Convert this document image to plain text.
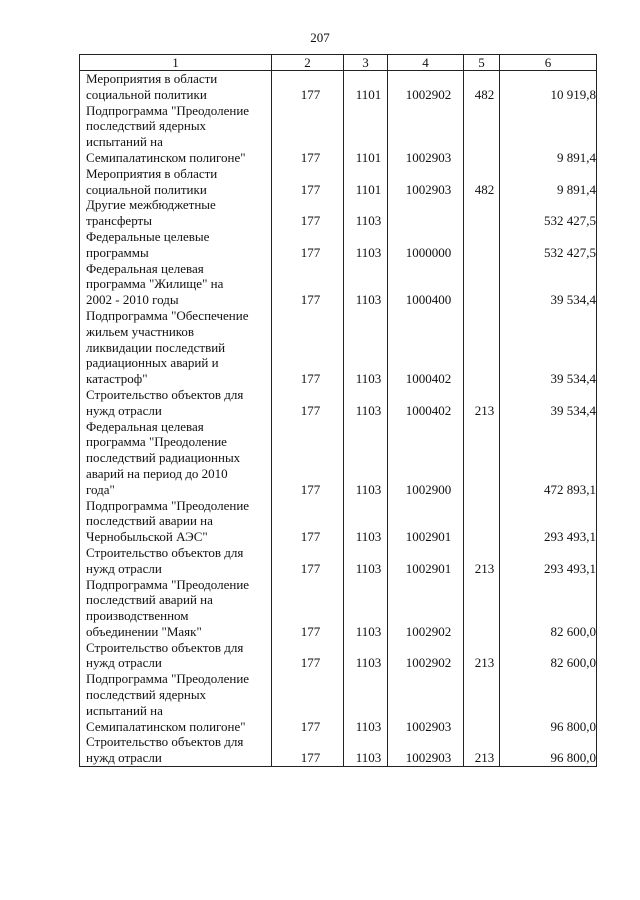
207
1	2	3	4	5	6
Мероприятия в области
социальной политики	177	1101	1002902	482	10 919,8
Подпрограмма "Преодоление
последствий ядерных
испытаний на
Семипалатинском полигоне"	177	1101	1002903		9 891,4
Мероприятия в области
социальной политики	177	1101	1002903	482	9 891,4
Другие межбюджетные
трансферты	177	1103			532 427,5
Федеральные целевые
программы	177	1103	1000000		532 427,5
Федеральная целевая
программа "Жилище" на
2002 - 2010 годы	177	1103	1000400		39 534,4
Подпрограмма "Обеспечение
жильем участников
ликвидации последствий
радиационных аварий и
катастроф"	177	1103	1000402		39 534,4
Строительство объектов для
нужд отрасли	177	1103	1000402	213	39 534,4
Федеральная целевая
программа "Преодоление
последствий радиационных
аварий на период до 2010
года"	177	1103	1002900		472 893,1
Подпрограмма "Преодоление
последствий аварии на
Чернобыльской АЭС"	177	1103	1002901		293 493,1
Строительство объектов для
нужд отрасли	177	1103	1002901	213	293 493,1
Подпрограмма "Преодоление
последствий аварий на
производственном
объединении "Маяк"	177	1103	1002902		82 600,0
Строительство объектов для
нужд отрасли	177	1103	1002902	213	82 600,0
Подпрограмма "Преодоление
последствий ядерных
испытаний на
Семипалатинском полигоне"	177	1103	1002903		96 800,0
Строительство объектов для
нужд отрасли	177	1103	1002903	213	96 800,0
